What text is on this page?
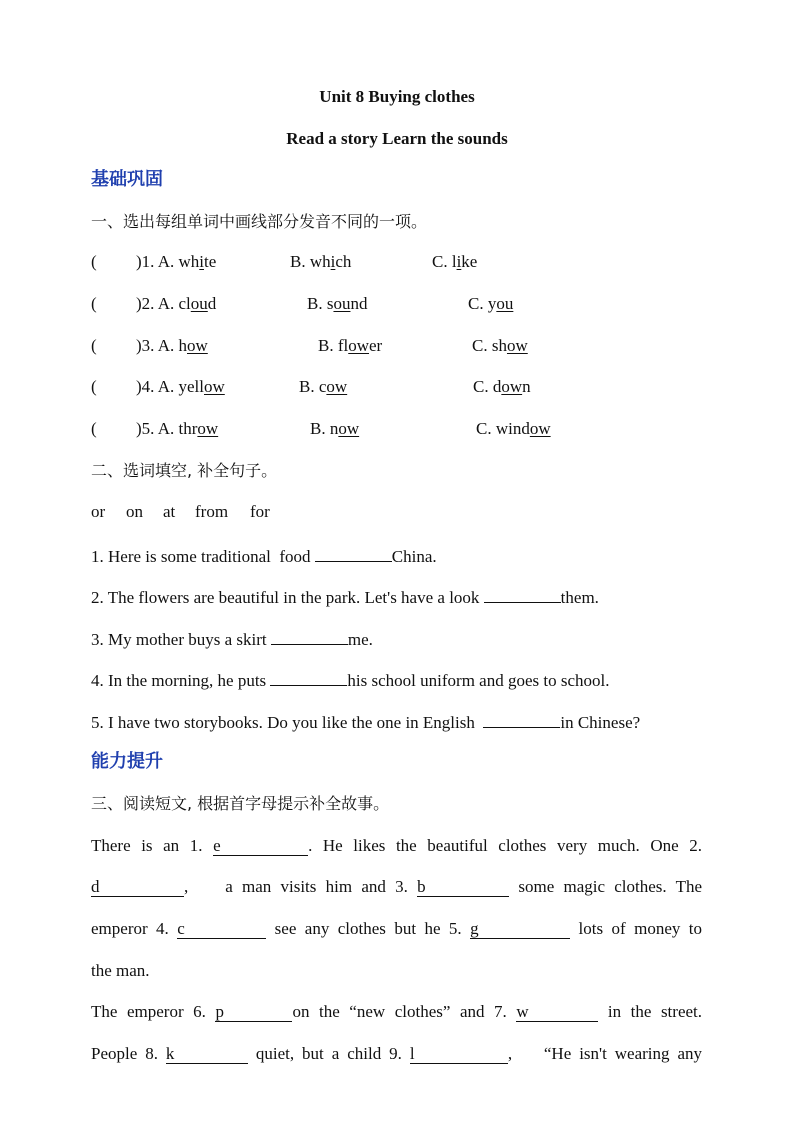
Unit 8 Buying clothes
Read a story Learn the sounds
基础巩固
一、选出每组单词中画线部分发音不同的一项。
( )1. A. white	B. which	C. like
( )2. A. cloud	B. sound	C. you
( )3. A. how	B. flower	C. show
( )4. A. yellow	B. cow	C. down
( )5. A. throw	B. now	C. window
二、选词填空, 补全句子。
or on at from for
1. Here is some traditional  food	China.
2. The flowers are beautiful in the park. Let's have a look	them.
3. My mother buys a skirt	me.
4. In the morning, he puts	his school uniform and goes to school.
5. I have two storybooks. Do you like the one in English	in Chinese?
能力提升
三、阅读短文, 根据首字母提示补全故事。
There is an 1. e	. He likes the beautiful clothes very much. One 2.
d	,    a man visits him and 3. b	some magic clothes. The
emperor 4. c	see any clothes but he 5. g	lots of money to
the man.
The emperor 6. p	on the “new clothes” and 7. w	in the street.
People 8. k	quiet, but a child 9. l	,    “He isn't wearing any
